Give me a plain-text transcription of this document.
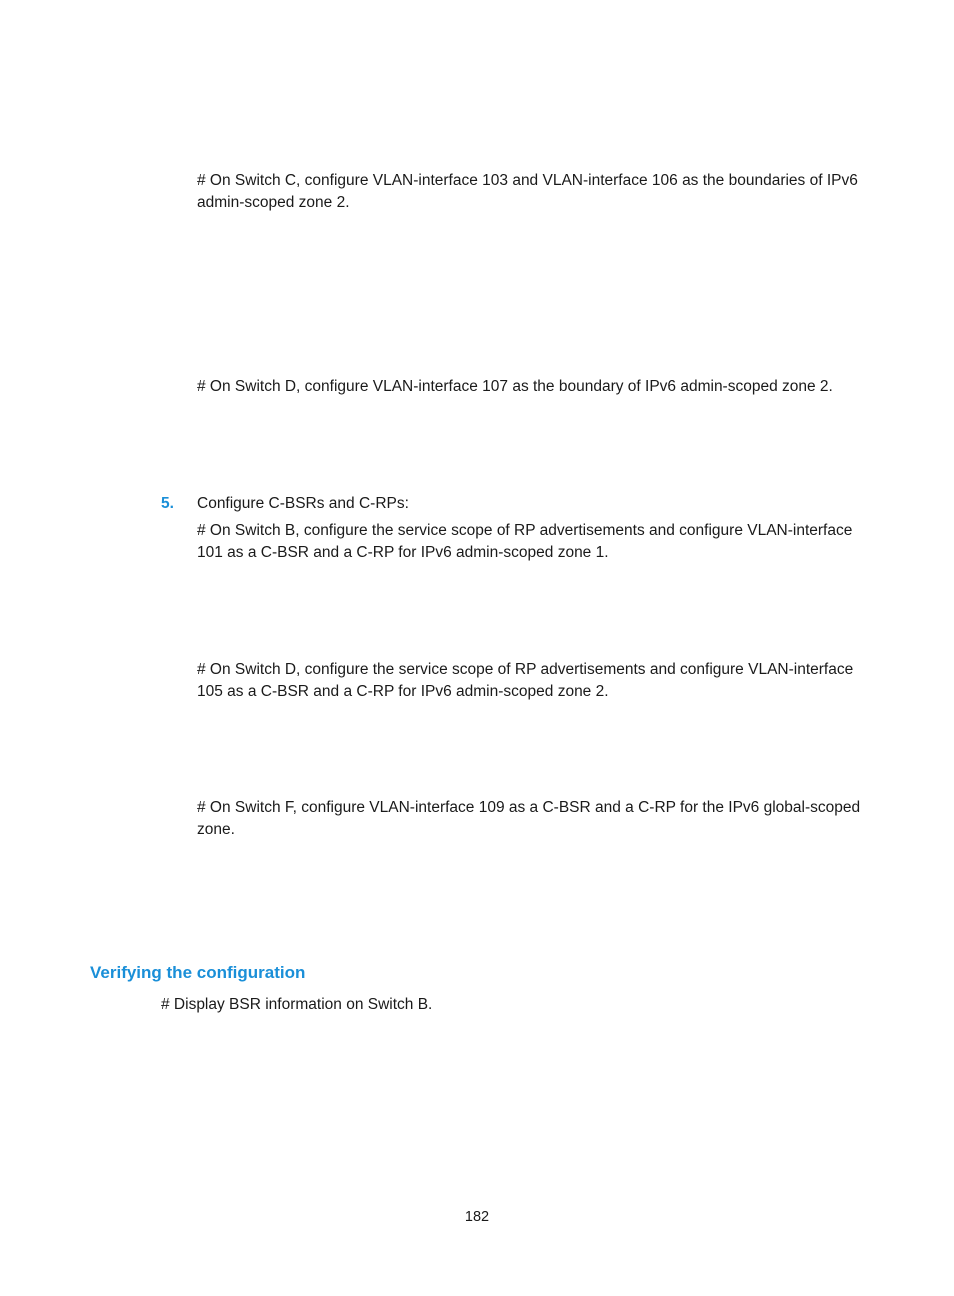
# On Switch C, configure VLAN-interface 103 and VLAN-interface 106 as the boundaries of IPv6 admin-scoped zone 2.

# On Switch D, configure VLAN-interface 107 as the boundary of IPv6 admin-scoped zone 2.

5. Configure C-BSRs and C-RPs:

# On Switch B, configure the service scope of RP advertisements and configure VLAN-interface 101 as a C-BSR and a C-RP for IPv6 admin-scoped zone 1.

# On Switch D, configure the service scope of RP advertisements and configure VLAN-interface 105 as a C-BSR and a C-RP for IPv6 admin-scoped zone 2.

# On Switch F, configure VLAN-interface 109 as a C-BSR and a C-RP for the IPv6 global-scoped zone.

Verifying the configuration

# Display BSR information on Switch B.

182
